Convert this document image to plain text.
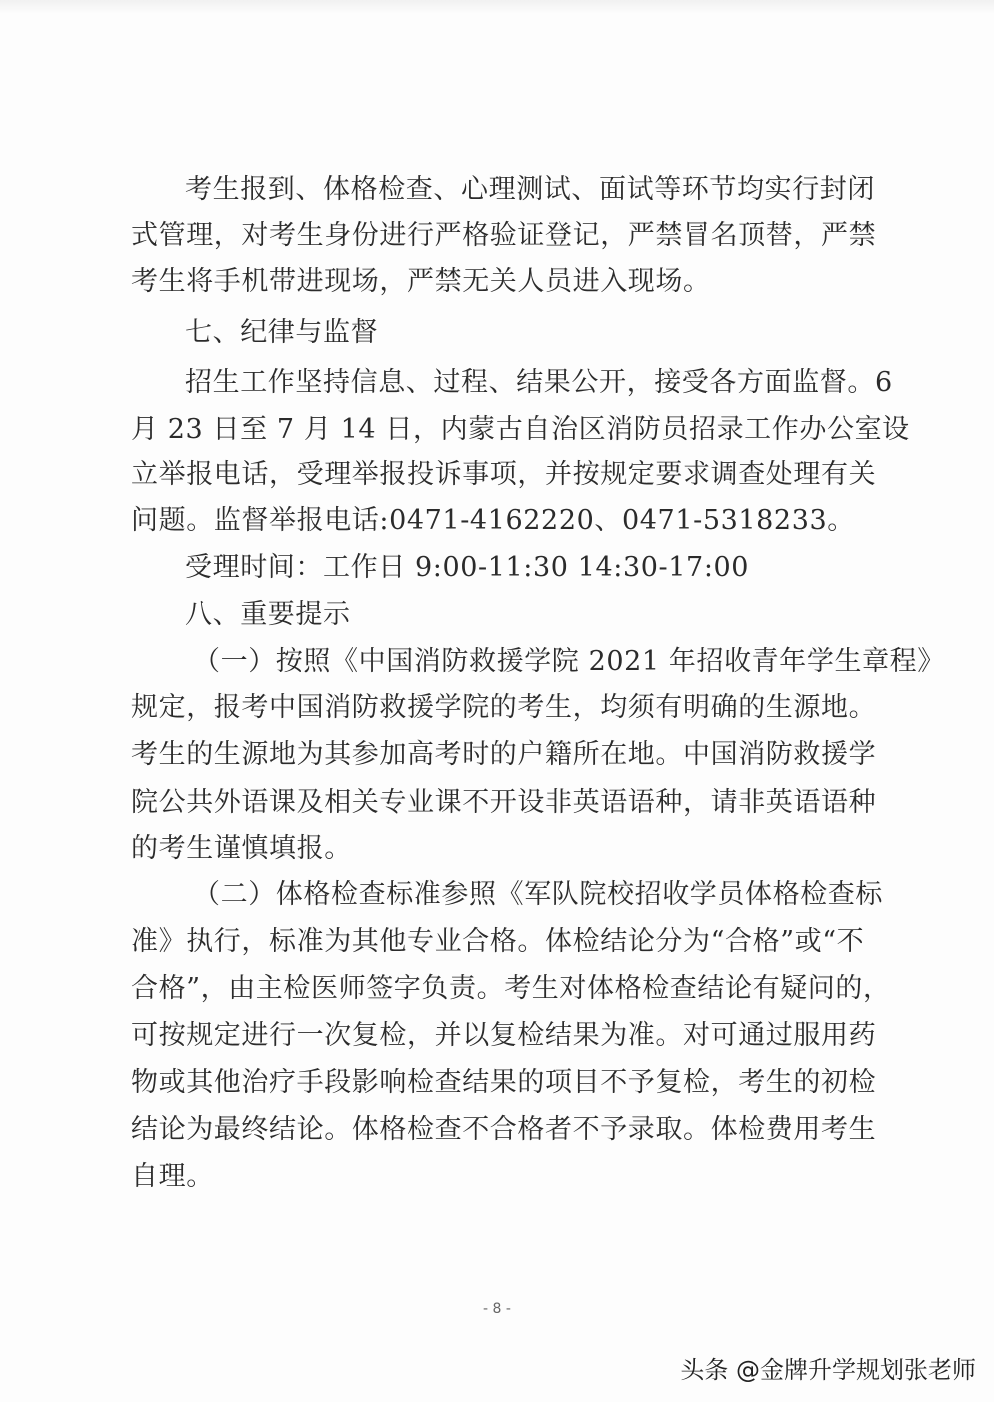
考生报到、体格检查、心理测试、面试等环节均实行封闭
式管理，对考生身份进行严格验证登记，严禁冒名顶替，严禁
考生将手机带进现场，严禁无关人员进入现场。
七、纪律与监督
招生工作坚持信息、过程、结果公开，接受各方面监督。6
月 23 日至 7 月 14 日，内蒙古自治区消防员招录工作办公室设
立举报电话，受理举报投诉事项，并按规定要求调查处理有关
问题。监督举报电话:0471-4162220、0471-5318233。
受理时间：工作日 9:00-11:30 14:30-17:00
八、重要提示
（一）按照《中国消防救援学院 2021 年招收青年学生章程》
规定，报考中国消防救援学院的考生，均须有明确的生源地。
考生的生源地为其参加高考时的户籍所在地。中国消防救援学
院公共外语课及相关专业课不开设非英语语种，请非英语语种
的考生谨慎填报。
（二）体格检查标准参照《军队院校招收学员体格检查标
准》执行，标准为其他专业合格。体检结论分为“合格”或“不
合格”，由主检医师签字负责。考生对体格检查结论有疑问的，
可按规定进行一次复检，并以复检结果为准。对可通过服用药
物或其他治疗手段影响检查结果的项目不予复检，考生的初检
结论为最终结论。体格检查不合格者不予录取。体检费用考生
自理。
- 8 -
头条 @金牌升学规划张老师
